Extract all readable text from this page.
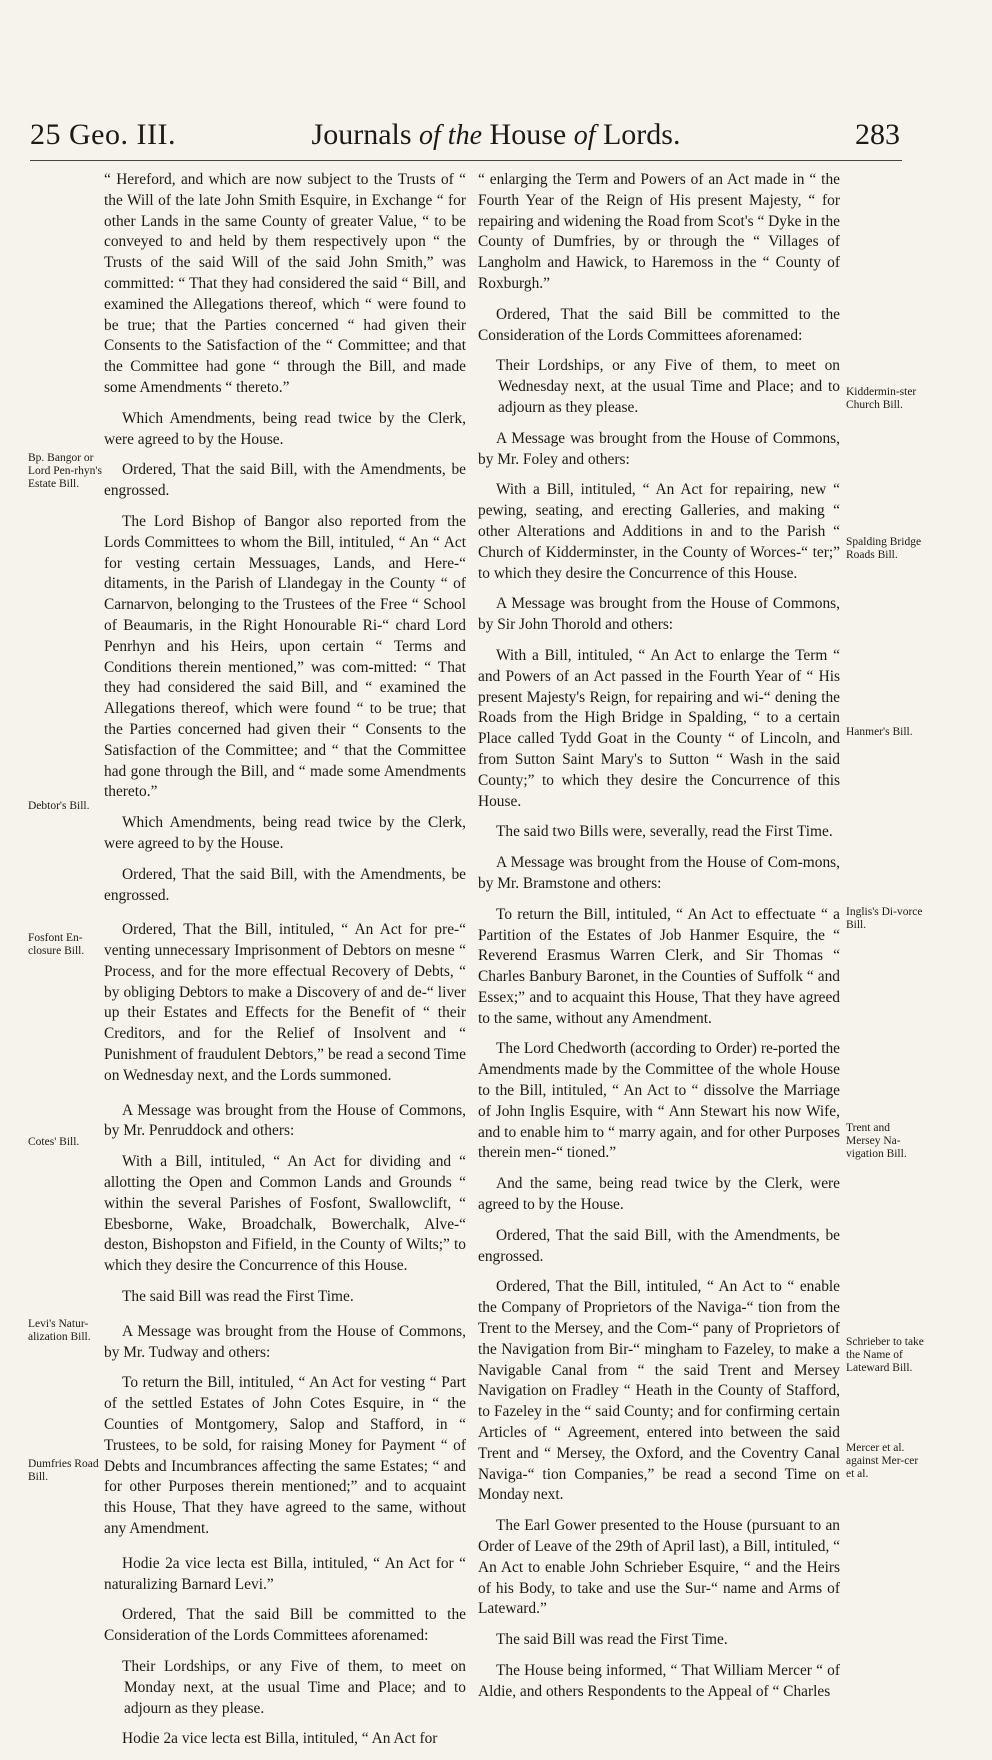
25 Geo. III.	Journals of the House of Lords.	283

“ Hereford, and which are now subject to the Trusts of “ the Will of the late John Smith Esquire, in Exchange “ for other Lands in the same County of greater Value, “ to be conveyed to and held by them respectively upon “ the Trusts of the said Will of the said John Smith,” was committed: “ That they had considered the said “ Bill, and examined the Allegations thereof, which “ were found to be true; that the Parties concerned “ had given their Consents to the Satisfaction of the “ Committee; and that the Committee had gone “ through the Bill, and made some Amendments “ thereto.”

Which Amendments, being read twice by the Clerk, were agreed to by the House.

Ordered, That the said Bill, with the Amendments, be engrossed.

The Lord Bishop of Bangor also reported from the Lords Committees to whom the Bill, intituled, “ An “ Act for vesting certain Messuages, Lands, and Here-“ ditaments, in the Parish of Llandegay in the County “ of Carnarvon, belonging to the Trustees of the Free “ School of Beaumaris, in the Right Honourable Ri-“ chard Lord Penrhyn and his Heirs, upon certain “ Terms and Conditions therein mentioned,” was com-mitted: “ That they had considered the said Bill, and “ examined the Allegations thereof, which were found “ to be true; that the Parties concerned had given their “ Consents to the Satisfaction of the Committee; and “ that the Committee had gone through the Bill, and “ made some Amendments thereto.”

Which Amendments, being read twice by the Clerk, were agreed to by the House.

Ordered, That the said Bill, with the Amendments, be engrossed.

Ordered, That the Bill, intituled, “ An Act for pre-“ venting unnecessary Imprisonment of Debtors on mesne “ Process, and for the more effectual Recovery of Debts, “ by obliging Debtors to make a Discovery of and de-“ liver up their Estates and Effects for the Benefit of “ their Creditors, and for the Relief of Insolvent and “ Punishment of fraudulent Debtors,” be read a second Time on Wednesday next, and the Lords summoned.

A Message was brought from the House of Commons, by Mr. Penruddock and others:

With a Bill, intituled, “ An Act for dividing and “ allotting the Open and Common Lands and Grounds “ within the several Parishes of Fosfont, Swallowclift, “ Ebesborne, Wake, Broadchalk, Bowerchalk, Alve-“ deston, Bishopston and Fifield, in the County of Wilts;” to which they desire the Concurrence of this House.

The said Bill was read the First Time.

A Message was brought from the House of Commons, by Mr. Tudway and others:

To return the Bill, intituled, “ An Act for vesting “ Part of the settled Estates of John Cotes Esquire, in “ the Counties of Montgomery, Salop and Stafford, in “ Trustees, to be sold, for raising Money for Payment “ of Debts and Incumbrances affecting the same Estates; “ and for other Purposes therein mentioned;” and to acquaint this House, That they have agreed to the same, without any Amendment.

Hodie 2a vice lecta est Billa, intituled, “ An Act for “ naturalizing Barnard Levi.”

Ordered, That the said Bill be committed to the Consideration of the Lords Committees aforenamed:

Their Lordships, or any Five of them, to meet on Monday next, at the usual Time and Place; and to adjourn as they please.

Hodie 2a vice lecta est Billa, intituled, “ An Act for

“ enlarging the Term and Powers of an Act made in “ the Fourth Year of the Reign of His present Majesty, “ for repairing and widening the Road from Scot's “ Dyke in the County of Dumfries, by or through the “ Villages of Langholm and Hawick, to Haremoss in the “ County of Roxburgh.”

Ordered, That the said Bill be committed to the Consideration of the Lords Committees aforenamed:

Their Lordships, or any Five of them, to meet on Wednesday next, at the usual Time and Place; and to adjourn as they please.

A Message was brought from the House of Commons, by Mr. Foley and others:

With a Bill, intituled, “ An Act for repairing, new “ pewing, seating, and erecting Galleries, and making “ other Alterations and Additions in and to the Parish “ Church of Kidderminster, in the County of Worces-“ ter;” to which they desire the Concurrence of this House.

A Message was brought from the House of Commons, by Sir John Thorold and others:

With a Bill, intituled, “ An Act to enlarge the Term “ and Powers of an Act passed in the Fourth Year of “ His present Majesty's Reign, for repairing and wi-“ dening the Roads from the High Bridge in Spalding, “ to a certain Place called Tydd Goat in the County “ of Lincoln, and from Sutton Saint Mary's to Sutton “ Wash in the said County;” to which they desire the Concurrence of this House.

The said two Bills were, severally, read the First Time.

A Message was brought from the House of Com-mons, by Mr. Bramstone and others:

To return the Bill, intituled, “ An Act to effectuate “ a Partition of the Estates of Job Hanmer Esquire, the “ Reverend Erasmus Warren Clerk, and Sir Thomas “ Charles Banbury Baronet, in the Counties of Suffolk “ and Essex;” and to acquaint this House, That they have agreed to the same, without any Amendment.

The Lord Chedworth (according to Order) re-ported the Amendments made by the Committee of the whole House to the Bill, intituled, “ An Act to “ dissolve the Marriage of John Inglis Esquire, with “ Ann Stewart his now Wife, and to enable him to “ marry again, and for other Purposes therein men-“ tioned.”

And the same, being read twice by the Clerk, were agreed to by the House.

Ordered, That the said Bill, with the Amendments, be engrossed.

Ordered, That the Bill, intituled, “ An Act to “ enable the Company of Proprietors of the Naviga-“ tion from the Trent to the Mersey, and the Com-“ pany of Proprietors of the Navigation from Bir-“ mingham to Fazeley, to make a Navigable Canal from “ the said Trent and Mersey Navigation on Fradley “ Heath in the County of Stafford, to Fazeley in the “ said County; and for confirming certain Articles of “ Agreement, entered into between the said Trent and “ Mersey, the Oxford, and the Coventry Canal Naviga-“ tion Companies,” be read a second Time on Monday next.

The Earl Gower presented to the House (pursuant to an Order of Leave of the 29th of April last), a Bill, intituled, “ An Act to enable John Schrieber Esquire, “ and the Heirs of his Body, to take and use the Sur-“ name and Arms of Lateward.”

The said Bill was read the First Time.

The House being informed, “ That William Mercer “ of Aldie, and others Respondents to the Appeal of “ Charles

Bp. Bangor or Lord Pen-rhyn's Estate Bill.
Debtor's Bill.
Fosfont En-closure Bill.
Cotes' Bill.
Levi's Natur-alization Bill.
Dumfries Road Bill.
Kiddermin-ster Church Bill.
Spalding Bridge Roads Bill.
Hanmer's Bill.
Inglis's Di-vorce Bill.
Trent and Mersey Na-vigation Bill.
Schrieber to take the Name of Lateward Bill.
Mercer et al. against Mer-cer et al.
